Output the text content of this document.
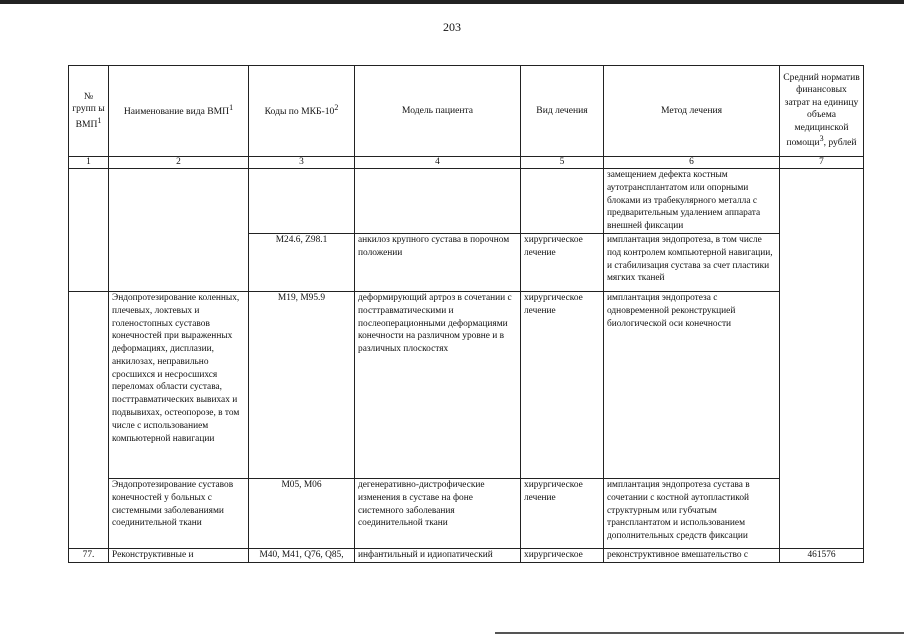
203
№ групп ы ВМП$^1$	Наименование вида ВМП$^1$	Коды по МКБ-$10^2$	Модель пациента	Вид лечения	Метод лечения	Средний норматив финансовых затрат на единицу объема медицинской помощи$^3$, рублей
1	2	3	4	5	6	7
					замещением дефекта костным аутотрансплантатом или опорными блоками из трабекулярного металла с предварительным удалением аппарата внешней фиксации	
		M24.6, Z98.1	анкилоз крупного сустава в порочном положении	хирургическое лечение	имплантация эндопротеза, в том числе под контролем компьютерной навигации, и стабилизация сустава за счет пластики мягких тканей	
	Эндопротезирование коленных, плечевых, локтевых и голеностопных суставов конечностей при выраженных деформациях, дисплазии, анкилозах, неправильно сросшихся и несросшихся переломах области сустава, посттравматических вывихах и подвывихах, остеопорозе, в том числе с использованием компьютерной навигации	M19, M95.9	деформирующий артроз в сочетании с посттравматическими и послеоперационными деформациями конечности на различном уровне и в различных плоскостях	хирургическое лечение	имплантация эндопротеза с одновременной реконструкцией биологической оси конечности	
	Эндопротезирование суставов конечностей у больных с системными заболеваниями соединительной ткани	M05, M06	дегенеративно-дистрофические изменения в суставе на фоне системного заболевания соединительной ткани	хирургическое лечение	имплантация эндопротеза сустава в сочетании с костной аутопластикой структурным или губчатым трансплантатом и использованием дополнительных средств фиксации	
77.	Реконструктивные и	M40, M41, Q76, Q85,	инфантильный и идиопатический	хирургическое	реконструктивное вмешательство с	461576
